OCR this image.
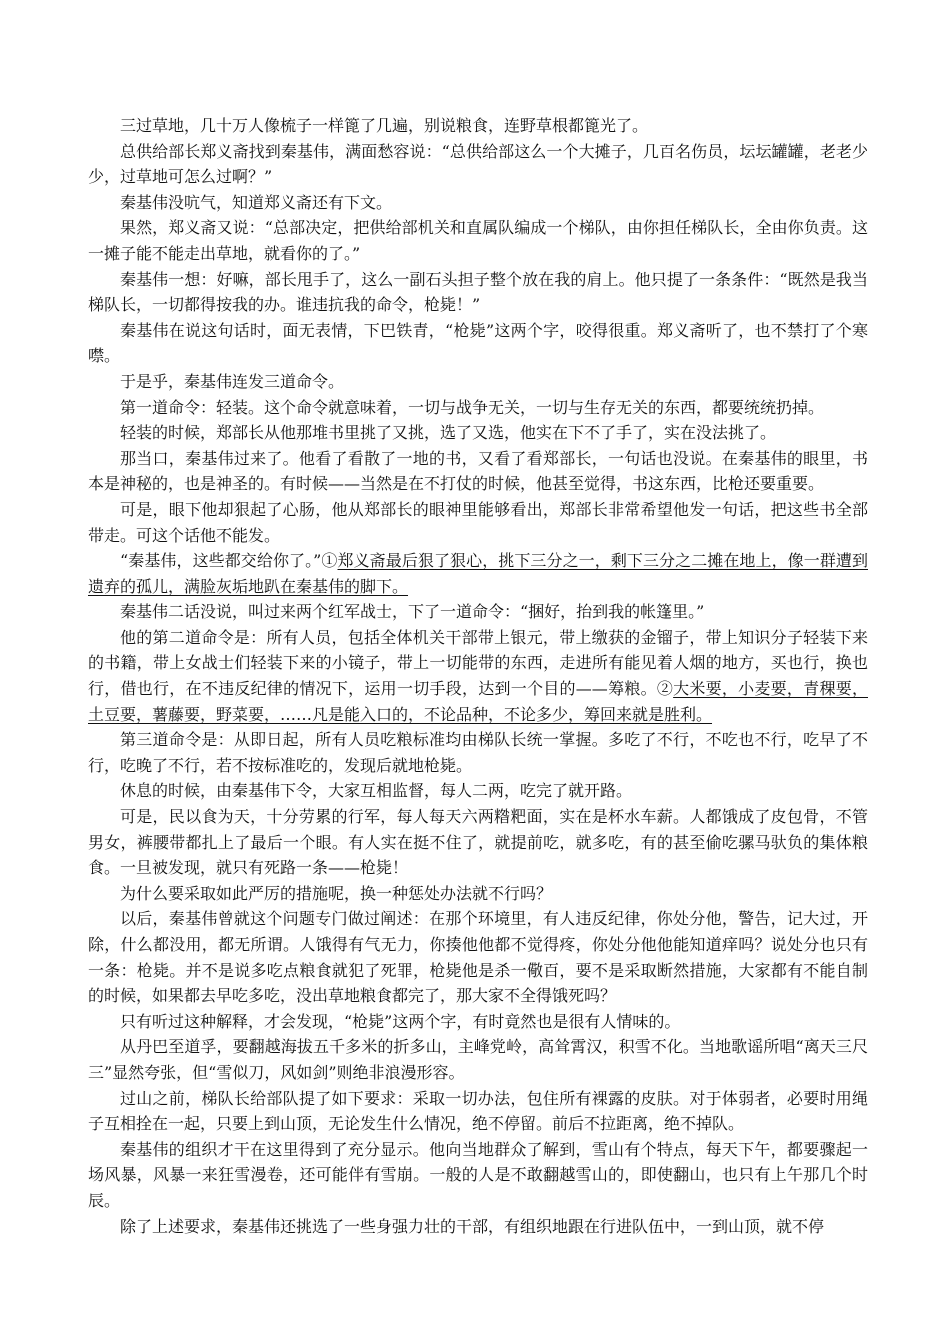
三过草地，几十万人像梳子一样篦了几遍，别说粮食，连野草根都篦光了。

总供给部长郑义斋找到秦基伟，满面愁容说：“总供给部这么一个大摊子，几百名伤员，坛坛罐罐，老老少少，过草地可怎么过啊？”

秦基伟没吭气，知道郑义斋还有下文。

果然，郑义斋又说：“总部决定，把供给部机关和直属队编成一个梯队，由你担任梯队长，全由你负责。这一摊子能不能走出草地，就看你的了。”

秦基伟一想：好嘛，部长甩手了，这么一副石头担子整个放在我的肩上。他只提了一条条件：“既然是我当梯队长，一切都得按我的办。谁违抗我的命令，枪毙！”

秦基伟在说这句话时，面无表情，下巴铁青，“枪毙”这两个字，咬得很重。郑义斋听了，也不禁打了个寒噤。

于是乎，秦基伟连发三道命令。

第一道命令：轻装。这个命令就意味着，一切与战争无关，一切与生存无关的东西，都要统统扔掉。

轻装的时候，郑部长从他那堆书里挑了又挑，选了又选，他实在下不了手了，实在没法挑了。

那当口，秦基伟过来了。他看了看散了一地的书，又看了看郑部长，一句话也没说。在秦基伟的眼里，书本是神秘的，也是神圣的。有时候——当然是在不打仗的时候，他甚至觉得，书这东西，比枪还要重要。

可是，眼下他却狠起了心肠，他从郑部长的眼神里能够看出，郑部长非常希望他发一句话，把这些书全部带走。可这个话他不能发。

“秦基伟，这些都交给你了。”①郑义斋最后狠了狠心，挑下三分之一，剩下三分之二摊在地上，像一群遭到遗弃的孤儿，满脸灰垢地趴在秦基伟的脚下。

秦基伟二话没说，叫过来两个红军战士，下了一道命令：“捆好，抬到我的帐篷里。”

他的第二道命令是：所有人员，包括全体机关干部带上银元，带上缴获的金镏子，带上知识分子轻装下来的书籍，带上女战士们轻装下来的小镜子，带上一切能带的东西，走进所有能见着人烟的地方，买也行，换也行，借也行，在不违反纪律的情况下，运用一切手段，达到一个目的——筹粮。②大米要，小麦要，青稞要，土豆要，薯藤要，野菜要，……凡是能入口的，不论品种，不论多少，筹回来就是胜利。

第三道命令是：从即日起，所有人员吃粮标准均由梯队长统一掌握。多吃了不行，不吃也不行，吃早了不行，吃晚了不行，若不按标准吃的，发现后就地枪毙。

休息的时候，由秦基伟下令，大家互相监督，每人二两，吃完了就开路。

可是，民以食为天，十分劳累的行军，每人每天六两糌粑面，实在是杯水车薪。人都饿成了皮包骨，不管男女，裤腰带都扎上了最后一个眼。有人实在挺不住了，就提前吃，就多吃，有的甚至偷吃骡马驮负的集体粮食。一旦被发现，就只有死路一条——枪毙！

为什么要采取如此严厉的措施呢，换一种惩处办法就不行吗？

以后，秦基伟曾就这个问题专门做过阐述：在那个环境里，有人违反纪律，你处分他，警告，记大过，开除，什么都没用，都无所谓。人饿得有气无力，你揍他他都不觉得疼，你处分他他能知道痒吗？说处分也只有一条：枪毙。并不是说多吃点粮食就犯了死罪，枪毙他是杀一儆百，要不是采取断然措施，大家都有不能自制的时候，如果都去早吃多吃，没出草地粮食都完了，那大家不全得饿死吗？

只有听过这种解释，才会发现，“枪毙”这两个字，有时竟然也是很有人情味的。

从丹巴至道孚，要翻越海拔五千多米的折多山，主峰党岭，高耸霄汉，积雪不化。当地歌谣所唱“离天三尺三”显然夸张，但“雪似刀，风如剑”则绝非浪漫形容。

过山之前，梯队长给部队提了如下要求：采取一切办法，包住所有裸露的皮肤。对于体弱者，必要时用绳子互相拴在一起，只要上到山顶，无论发生什么情况，绝不停留。前后不拉距离，绝不掉队。

秦基伟的组织才干在这里得到了充分显示。他向当地群众了解到，雪山有个特点，每天下午，都要骤起一场风暴，风暴一来狂雪漫卷，还可能伴有雪崩。一般的人是不敢翻越雪山的，即使翻山，也只有上午那几个时辰。

除了上述要求，秦基伟还挑选了一些身强力壮的干部，有组织地跟在行进队伍中，一到山顶，就不停
